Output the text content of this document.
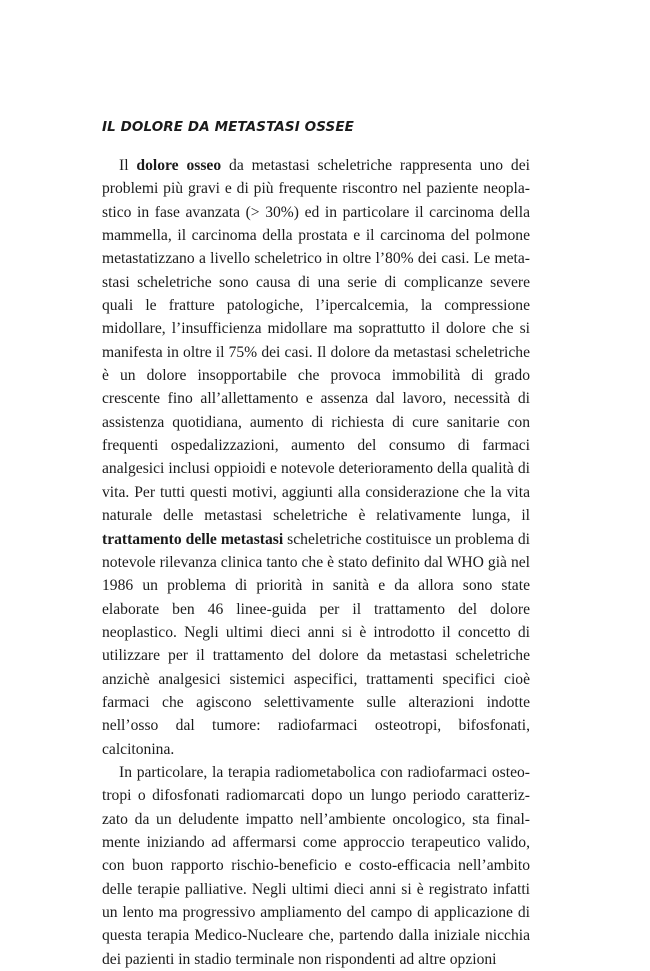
IL DOLORE DA METASTASI OSSEE

Il dolore osseo da metastasi scheletriche rappresenta uno dei problemi più gravi e di più frequente riscontro nel paziente neoplastico in fase avanzata (> 30%) ed in particolare il carcinoma della mammella, il carcinoma della prostata e il carcinoma del polmone metastatizzano a livello scheletrico in oltre l’80% dei casi. Le metastasi scheletriche sono causa di una serie di complicanze severe quali le fratture patologiche, l’ipercalcemia, la compressione midollare, l’insufficienza midollare ma soprattutto il dolore che si manifesta in oltre il 75% dei casi. Il dolore da metastasi scheletriche è un dolore insopportabile che provoca immobilità di grado crescente fino all’allettamento e assenza dal lavoro, necessità di assistenza quotidiana, aumento di richiesta di cure sanitarie con frequenti ospedalizzazioni, aumento del consumo di farmaci analgesici inclusi oppioidi e notevole deterioramento della qualità di vita. Per tutti questi motivi, aggiunti alla considerazione che la vita naturale delle metastasi scheletriche è relativamente lunga, il trattamento delle metastasi scheletriche costituisce un problema di notevole rilevanza clinica tanto che è stato definito dal WHO già nel 1986 un problema di priorità in sanità e da allora sono state elaborate ben 46 linee-guida per il trattamento del dolore neoplastico. Negli ultimi dieci anni si è introdotto il concetto di utilizzare per il trattamento del dolore da metastasi scheletriche anzichè analgesici sistemici aspecifici, trattamenti specifici cioè farmaci che agiscono selettivamente sulle alterazioni indotte nell’osso dal tumore: radiofarmaci osteotropi, bifosfonati, calcitonina.

In particolare, la terapia radiometabolica con radiofarmaci osteotropi o difosfonati radiomarcati dopo un lungo periodo caratterizzato da un deludente impatto nell’ambiente oncologico, sta finalmente iniziando ad affermarsi come approccio terapeutico valido, con buon rapporto rischio-beneficio e costo-efficacia nell’ambito delle terapie palliative. Negli ultimi dieci anni si è registrato infatti un lento ma progressivo ampliamento del campo di applicazione di questa terapia Medico-Nucleare che, partendo dalla iniziale nicchia dei pazienti in stadio terminale non rispondenti ad altre opzioni
